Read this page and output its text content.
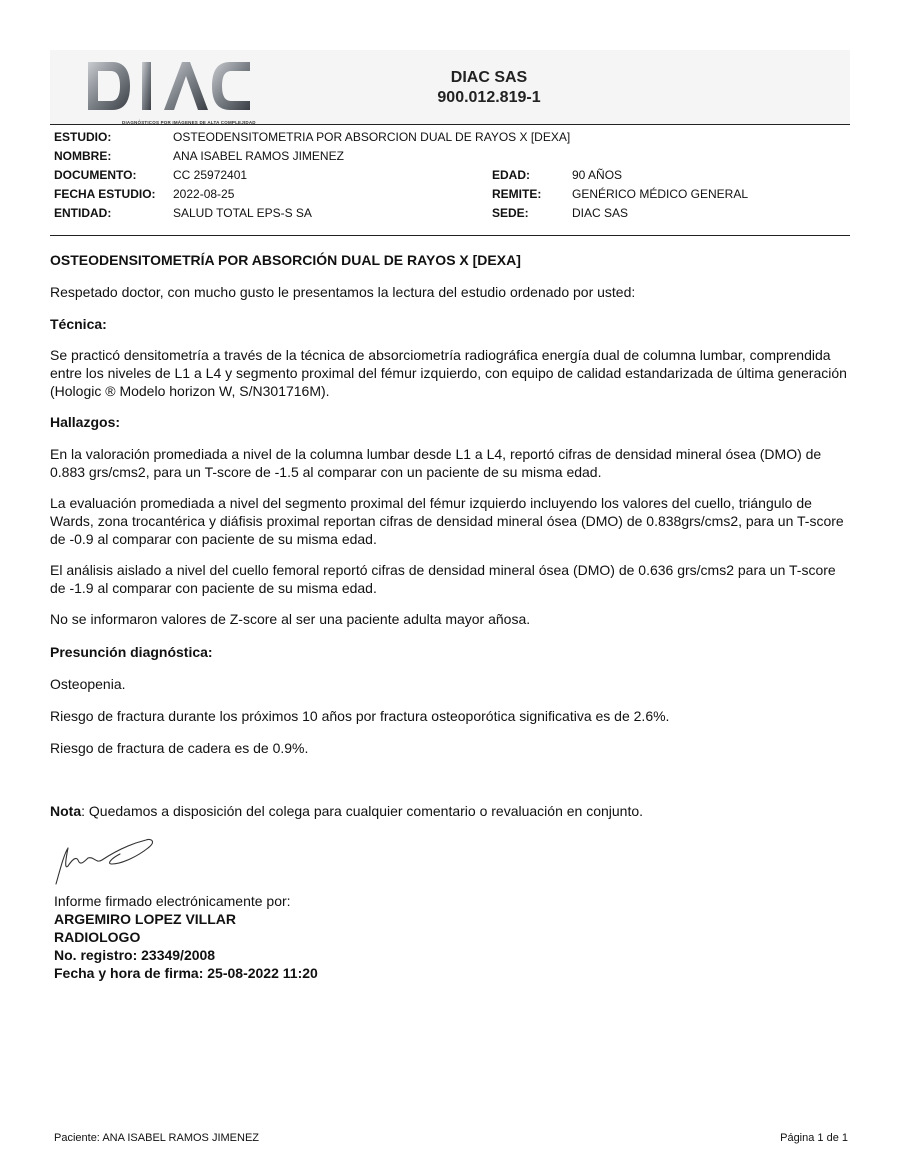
DIAGNÓSTICOS POR IMÁGENES DE ALTA COMPLEJIDAD
DIAC SAS
900.012.819-1
ESTUDIO:	OSTEODENSITOMETRIA POR ABSORCION DUAL DE RAYOS X [DEXA]
NOMBRE:	ANA ISABEL RAMOS JIMENEZ
DOCUMENTO:	CC 25972401	EDAD:	90 AÑOS
FECHA ESTUDIO: 2022-08-25	REMITE:	GENÉRICO MÉDICO GENERAL
ENTIDAD:	SALUD TOTAL EPS-S SA	SEDE:	DIAC SAS
OSTEODENSITOMETRÍA POR ABSORCIÓN DUAL DE RAYOS X [DEXA]
Respetado doctor, con mucho gusto le presentamos la lectura del estudio ordenado por usted:
Técnica:
Se practicó densitometría a través de la técnica de absorciometría radiográfica energía dual de columna lumbar, comprendida entre los niveles de L1 a L4 y segmento proximal del fémur izquierdo, con equipo de calidad estandarizada de última generación (Hologic ® Modelo horizon W, S/N301716M).
Hallazgos:
En la valoración promediada a nivel de la columna lumbar desde L1 a L4, reportó cifras de densidad mineral ósea (DMO) de 0.883 grs/cms2, para un T-score de -1.5 al comparar con un paciente de su misma edad.
La evaluación promediada a nivel del segmento proximal del fémur izquierdo incluyendo los valores del cuello, triángulo de Wards, zona trocantérica y diáfisis proximal reportan cifras de densidad mineral ósea (DMO) de 0.838grs/cms2, para un T-score de -0.9 al comparar con paciente de su misma edad.
El análisis aislado a nivel del cuello femoral reportó cifras de densidad mineral ósea (DMO) de 0.636 grs/cms2 para un T-score de -1.9 al comparar con paciente de su misma edad.
No se informaron valores de Z-score al ser una paciente adulta mayor añosa.
Presunción diagnóstica:
Osteopenia.
Riesgo de fractura durante los próximos 10 años por fractura osteoporótica significativa es de 2.6%.
Riesgo de fractura de cadera es de 0.9%.
Nota: Quedamos a disposición del colega para cualquier comentario o revaluación en conjunto.
Informe firmado electrónicamente por:
ARGEMIRO LOPEZ VILLAR
RADIOLOGO
No. registro: 23349/2008
Fecha y hora de firma: 25-08-2022 11:20
Paciente: ANA ISABEL RAMOS JIMENEZ	Página 1 de 1
